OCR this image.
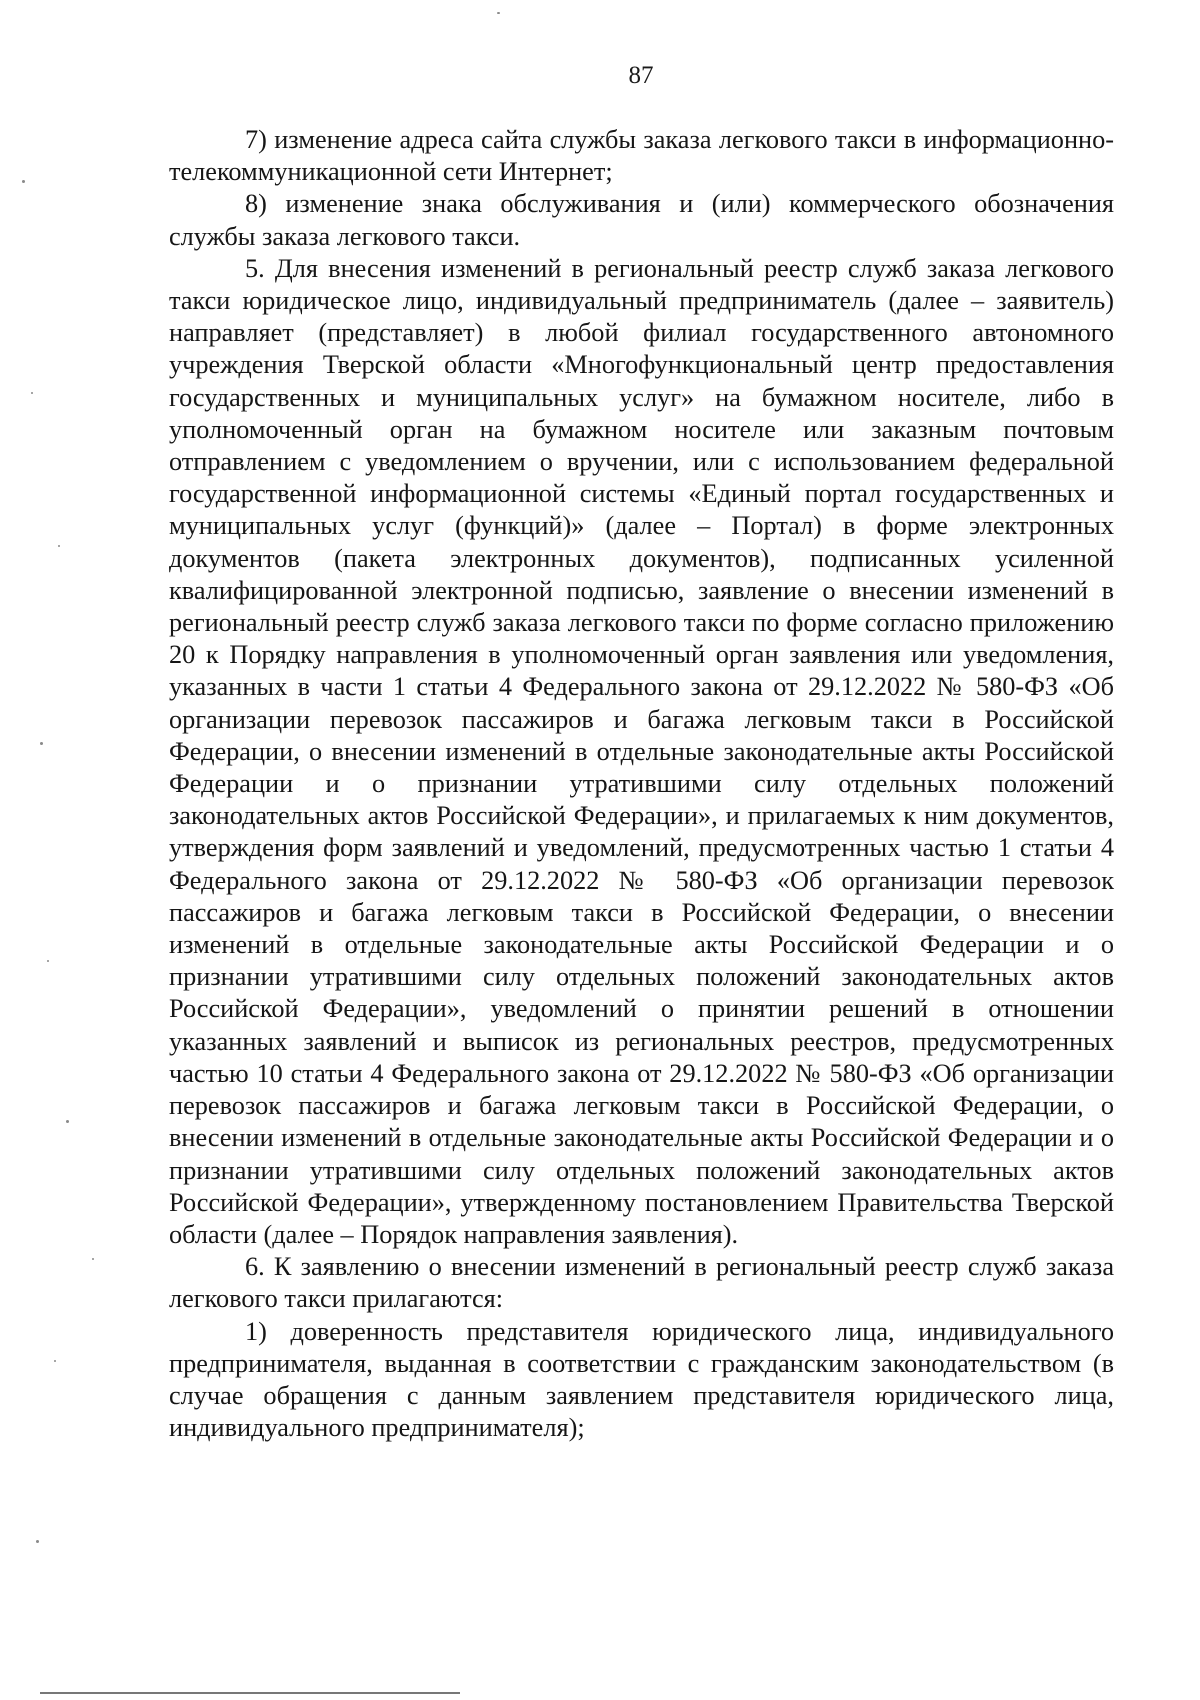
87

7) изменение адреса сайта службы заказа легкового такси в информационно-телекоммуникационной сети Интернет;

8) изменение знака обслуживания и (или) коммерческого обозначения службы заказа легкового такси.

5. Для внесения изменений в региональный реестр служб заказа легкового такси юридическое лицо, индивидуальный предприниматель (далее – заявитель) направляет (представляет) в любой филиал государственного автономного учреждения Тверской области «Многофункциональный центр предоставления государственных и муниципальных услуг» на бумажном носителе, либо в уполномоченный орган на бумажном носителе или заказным почтовым отправлением с уведомлением о вручении, или с использованием федеральной государственной информационной системы «Единый портал государственных и муниципальных услуг (функций)» (далее – Портал) в форме электронных документов (пакета электронных документов), подписанных усиленной квалифицированной электронной подписью, заявление о внесении изменений в региональный реестр служб заказа легкового такси по форме согласно приложению 20 к Порядку направления в уполномоченный орган заявления или уведомления, указанных в части 1 статьи 4 Федерального закона от 29.12.2022 № 580-ФЗ «Об организации перевозок пассажиров и багажа легковым такси в Российской Федерации, о внесении изменений в отдельные законодательные акты Российской Федерации и о признании утратившими силу отдельных положений законодательных актов Российской Федерации», и прилагаемых к ним документов, утверждения форм заявлений и уведомлений, предусмотренных частью 1 статьи 4 Федерального закона от 29.12.2022 № 580-ФЗ «Об организации перевозок пассажиров и багажа легковым такси в Российской Федерации, о внесении изменений в отдельные законодательные акты Российской Федерации и о признании утратившими силу отдельных положений законодательных актов Российской Федерации», уведомлений о принятии решений в отношении указанных заявлений и выписок из региональных реестров, предусмотренных частью 10 статьи 4 Федерального закона от 29.12.2022 № 580-ФЗ «Об организации перевозок пассажиров и багажа легковым такси в Российской Федерации, о внесении изменений в отдельные законодательные акты Российской Федерации и о признании утратившими силу отдельных положений законодательных актов Российской Федерации», утвержденному постановлением Правительства Тверской области (далее – Порядок направления заявления).

6. К заявлению о внесении изменений в региональный реестр служб заказа легкового такси прилагаются:

1) доверенность представителя юридического лица, индивидуального предпринимателя, выданная в соответствии с гражданским законодательством (в случае обращения с данным заявлением представителя юридического лица, индивидуального предпринимателя);
